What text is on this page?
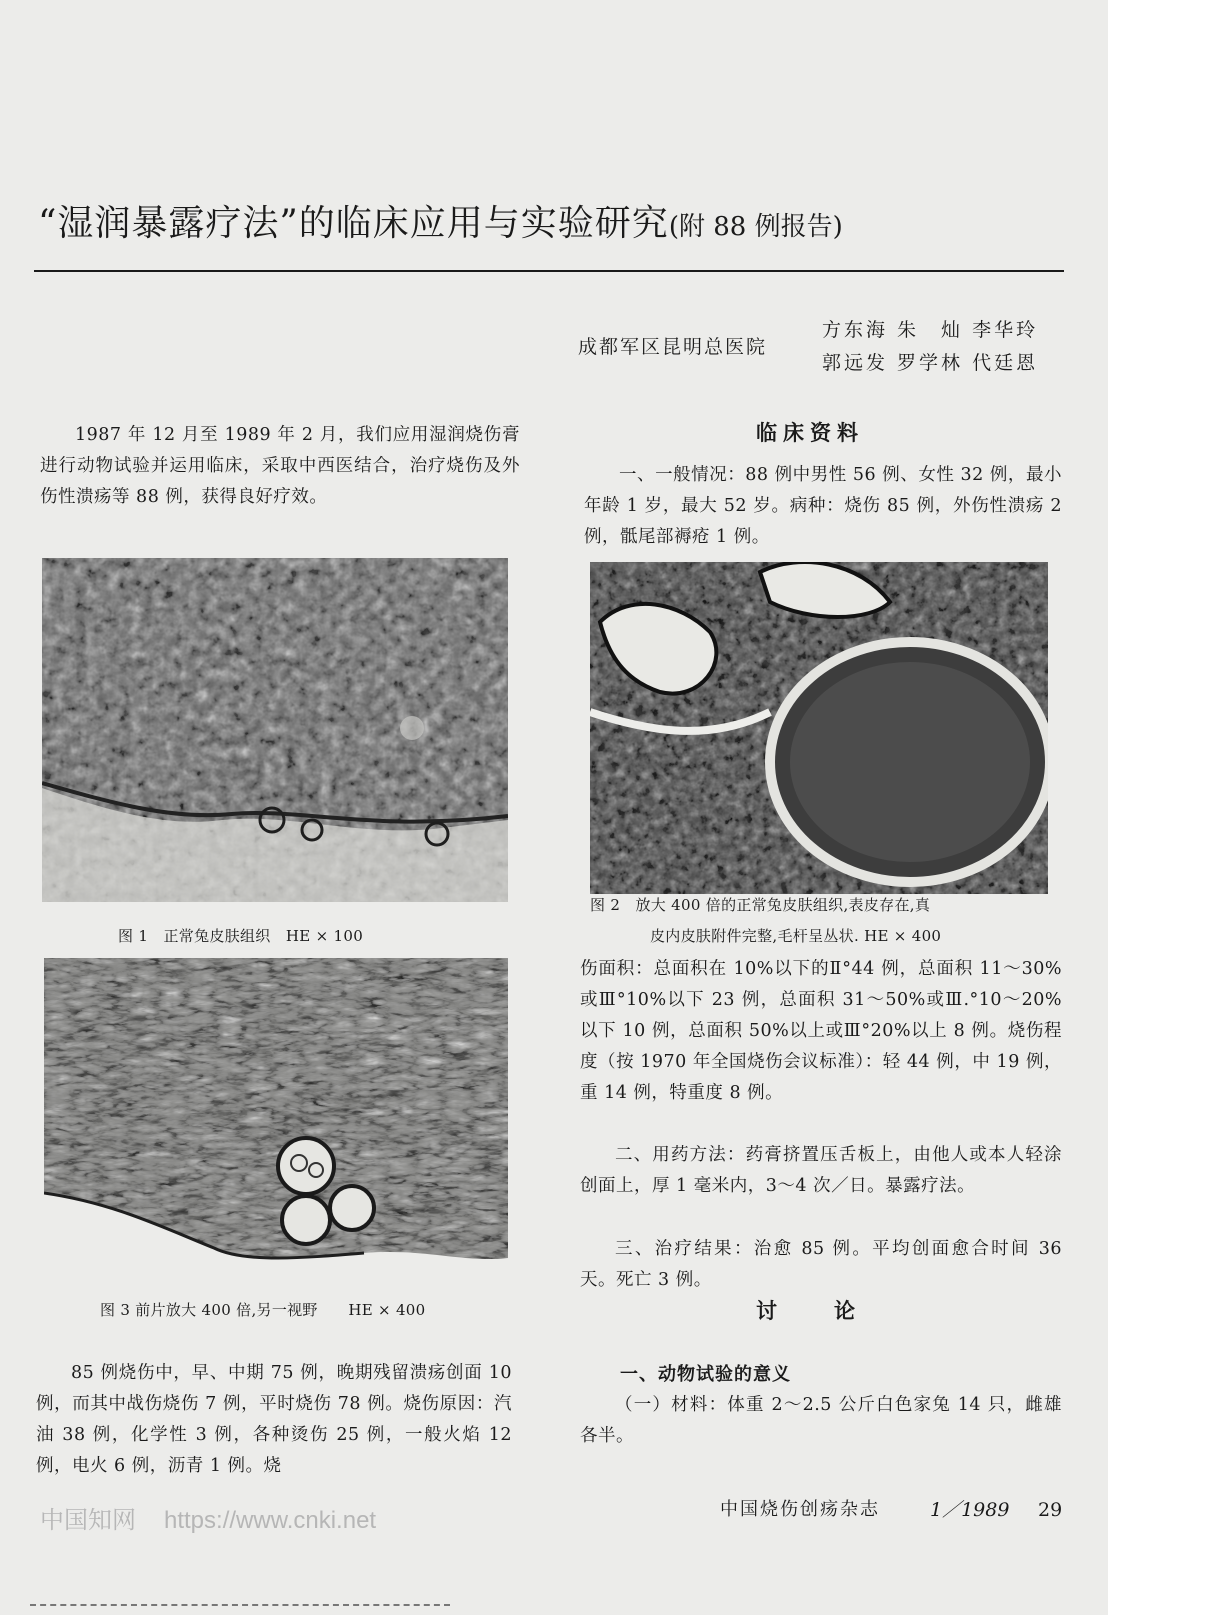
“湿润暴露疗法”的临床应用与实验研究(附 88 例报告)
成都军区昆明总医院
方东海 朱　灿 李华玲
郭远发 罗学林 代廷恩
1987 年 12 月至 1989 年 2 月，我们应用湿润烧伤膏进行动物试验并运用临床，采取中西医结合，治疗烧伤及外伤性溃疡等 88 例，获得良好疗效。
图 1　正常兔皮肤组织　HE × 100
图 3 前片放大 400 倍,另一视野　　HE × 400
85 例烧伤中，早、中期 75 例，晚期残留溃疡创面 10 例，而其中战伤烧伤 7 例，平时烧伤 78 例。烧伤原因：汽油 38 例，化学性 3 例，各种烫伤 25 例，一般火焰 12 例，电火 6 例，沥青 1 例。烧
临床资料
一、一般情况：88 例中男性 56 例、女性 32 例，最小年龄 1 岁，最大 52 岁。病种：烧伤 85 例，外伤性溃疡 2 例，骶尾部褥疮 1 例。
图 2　放大 400 倍的正常兔皮肤组织,表皮存在,真
皮内皮肤附件完整,毛杆呈丛状. HE × 400
伤面积：总面积在 10%以下的Ⅱ°44 例，总面积 11～30%或Ⅲ°10%以下 23 例，总面积 31～50%或Ⅲ.°10～20%以下 10 例，总面积 50%以上或Ⅲ°20%以上 8 例。烧伤程度（按 1970 年全国烧伤会议标准）：轻 44 例，中 19 例，重 14 例，特重度 8 例。
二、用药方法：药膏挤置压舌板上，由他人或本人轻涂创面上，厚 1 毫米内，3～4 次／日。暴露疗法。
三、治疗结果：治愈 85 例。平均创面愈合时间 36 天。死亡 3 例。
讨　论
一、动物试验的意义
（一）材料：体重 2～2.5 公斤白色家兔 14 只，雌雄各半。
中国烧伤创疡杂志	1／1989 29
中国知网 https://www.cnki.net
